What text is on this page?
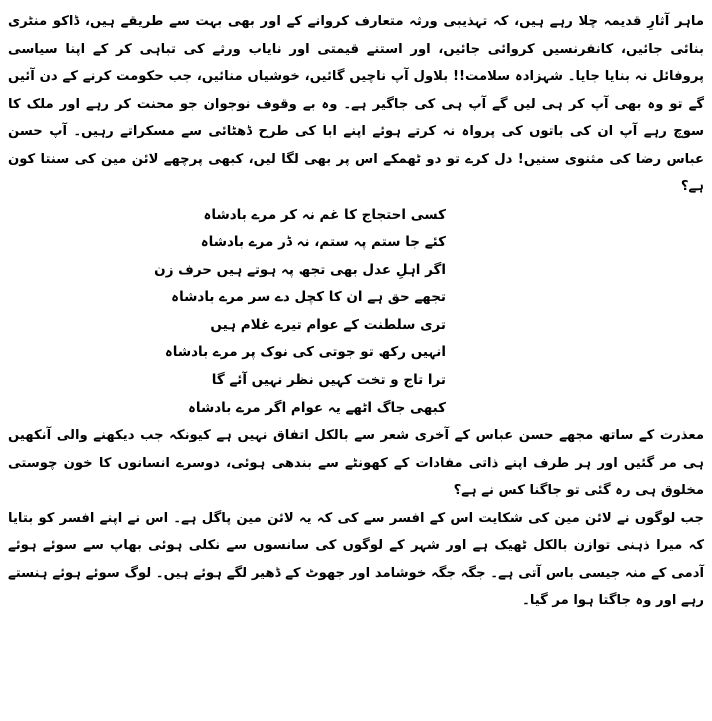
ماہر آثارِ قدیمہ چلا رہے ہیں، کہ تہذیبی ورثہ متعارف کروانے کے اور بھی بہت سے طریقے ہیں، ڈاکو منٹری بنائی جائیں، کانفرنسیں کروائی جائیں، اور استنے قیمتی اور نایاب ورثے کی تباہی کر کے اپنا سیاسی پروفائل نہ بنایا جایا۔ شہزادہ سلامت!! بلاول آپ ناچیں گائیں، خوشیاں منائیں، جب حکومت کرنے کے دن آئیں گے تو وہ بھی آپ کر ہی لیں گے آپ ہی کی جاگیر ہے۔ وہ بے وقوف نوجوان جو محنت کر رہے اور ملک کا سوچ رہے آپ ان کی باتوں کی پرواہ نہ کرتے ہوئے اپنے ابا کی طرح ڈھٹائی سے مسکراتے رہیں۔ آپ حسن عباس رضا کی مثنوی سنیں! دل کرے تو دو ٹھمکے اس پر بھی لگا لیں، کبھی پرچھے لائن مین کی سنتا کون ہے؟

کسی احتجاج کا غم نہ کر مرے بادشاہ
کئے جا ستم پہ ستم، نہ ڈر مرے بادشاہ
اگر اہلِ عدل بھی تجھ پہ ہوتے ہیں حرف زن
تجھے حق ہے ان کا کچل دے سر مرے بادشاہ
تری سلطنت کے عوام تیرے غلام ہیں
انہیں رکھ تو جوتی کی نوک پر مرے بادشاہ
ترا تاج و تخت کہیں نظر نہیں آئے گا
کبھی جاگ اٹھے یہ عوام اگر مرے بادشاہ

معذرت کے ساتھ مجھے حسن عباس کے آخری شعر سے بالکل اتفاق نہیں ہے کیونکہ جب دیکھنے والی آنکھیں ہی مر گئیں اور ہر طرف اپنے ذاتی مفادات کے کھونٹے سے بندھی ہوئی، دوسرے انسانوں کا خون چوستی مخلوق ہی رہ گئی تو جاگنا کس نے ہے؟

جب لوگوں نے لائن مین کی شکایت اس کے افسر سے کی کہ یہ لائن مین پاگل ہے۔ اس نے اپنے افسر کو بتایا کہ میرا ذہنی توازن بالکل ٹھیک ہے اور شہر کے لوگوں کی سانسوں سے نکلی ہوئی بھاپ سے سوئے ہوئے آدمی کے منہ جیسی باس آتی ہے۔ جگہ جگہ خوشامد اور جھوٹ کے ڈھیر لگے ہوئے ہیں۔ لوگ سوئے ہوئے ہنستے رہے اور وہ جاگتا ہوا مر گیا۔
